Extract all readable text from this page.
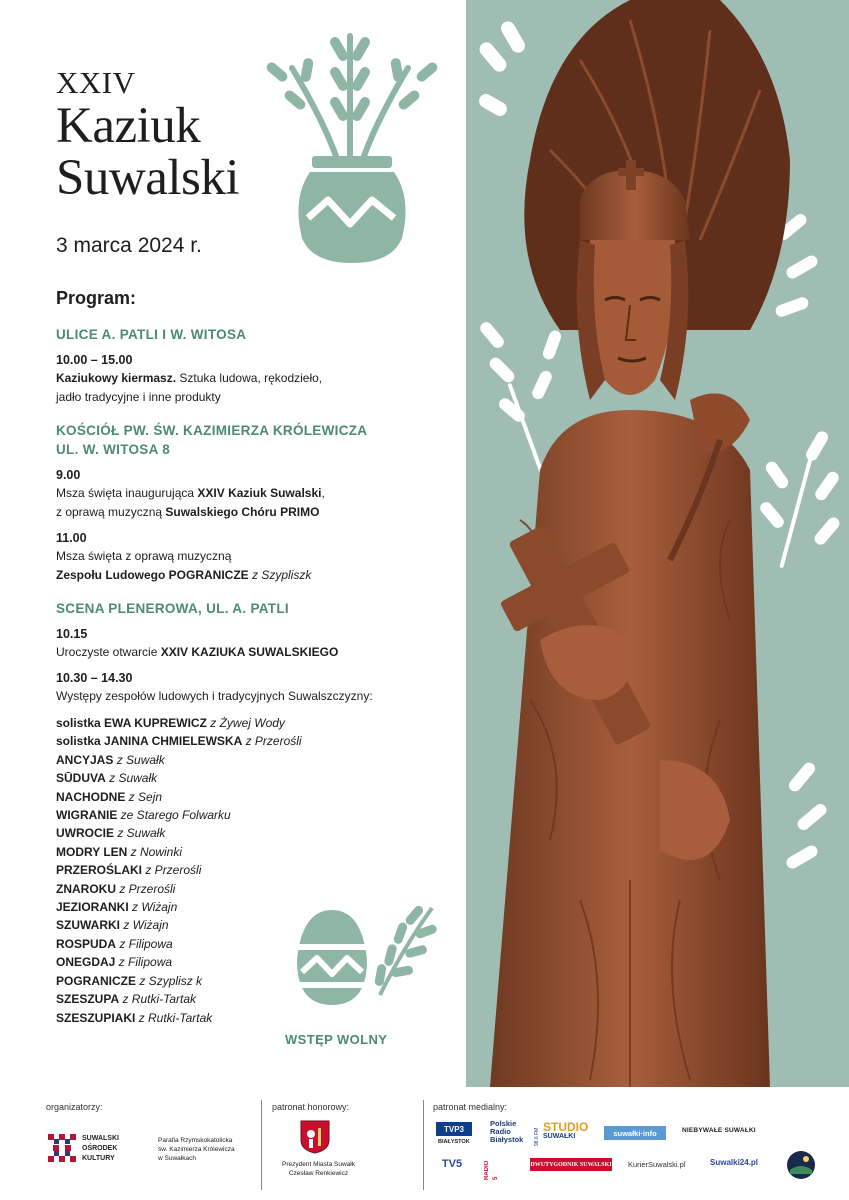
XXIV
Kaziuk
Suwalski
3 marca 2024 r.
Program:
ULICE A. PATLI I W. WITOSA
10.00 – 15.00
Kaziukowy kiermasz. Sztuka ludowa, rękodzieło,
jadło tradycyjne i inne produkty
KOŚCIÓŁ PW. ŚW. KAZIMIERZA KRÓLEWICZA
UL. W. WITOSA 8
9.00
Msza święta inaugurująca XXIV Kaziuk Suwalski,
z oprawą muzyczną Suwalskiego Chóru PRIMO
11.00
Msza święta z oprawą muzyczną
Zespołu Ludowego POGRANICZE z Szypliszk
SCENA PLENEROWA, UL. A. PATLI
10.15
Uroczyste otwarcie XXIV KAZIUKA SUWALSKIEGO
10.30 – 14.30
Występy zespołów ludowych i tradycyjnych Suwalszczyzny:
solistka EWA KUPREWICZ z Żywej Wody
solistka JANINA CHMIELEWSKA z Przerośli
ANCYJAS z Suwałk
SŪDUVA z Suwałk
NACHODNE z Sejn
WIGRANIE ze Starego Folwarku
UWROCIE z Suwałk
MODRY LEN z Nowinki
PRZEROŚLAKI z Przerośli
ZNAROKU z Przerośli
JEZIORANKI z Wiżajn
SZUWARKI z Wiżajn
ROSPUDA z Filipowa
ONEGDAJ z Filipowa
POGRANICZE z Szyplisz k
SZESZUPA z Rutki-Tartak
SZESZUPIAKI z Rutki-Tartak
WSTĘP WOLNY
organizatorzy:	patronat honorowy:	patronat medialny:
SUWALSKI
OŚRODEK
KULTURY
Parafia Rzymskokatolicka
św. Kazimierza Królewicza
w Suwałkach
Prezydent Miasta Suwałk
Czesław Renkiewicz
TVP3
BIAŁYSTOK
Polskie
Radio
Białystok 98.6 FM
STUDIO
SUWAŁKI	suwałki·info	NIEBYWAŁE SUWAŁKI
TV5	RADIO 5
DWUTYGODNIK SUWALSKI KurierSuwalski.pl	Suwalki24.pl
